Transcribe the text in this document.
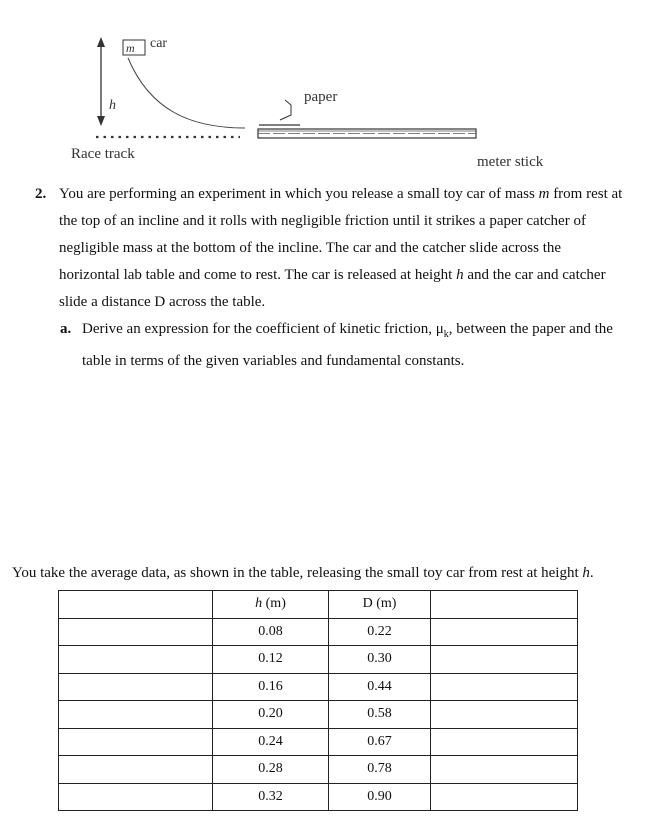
h
m car
Race track
paper
meter stick
2. You are performing an experiment in which you release a small toy car of mass m from rest at the top of an incline and it rolls with negligible friction until it strikes a paper catcher of negligible mass at the bottom of the incline. The car and the catcher slide across the horizontal lab table and come to rest. The car is released at height h and the car and catcher slide a distance D across the table.
a. Derive an expression for the coefficient of kinetic friction, $\mu_k$, between the paper and the table in terms of the given variables and fundamental constants.
You take the average data, as shown in the table, releasing the small toy car from rest at height h.
	h (m)	D (m)	
	0.08	0.22	
	0.12	0.30	
	0.16	0.44	
	0.20	0.58	
	0.24	0.67	
	0.28	0.78	
	0.32	0.90	
